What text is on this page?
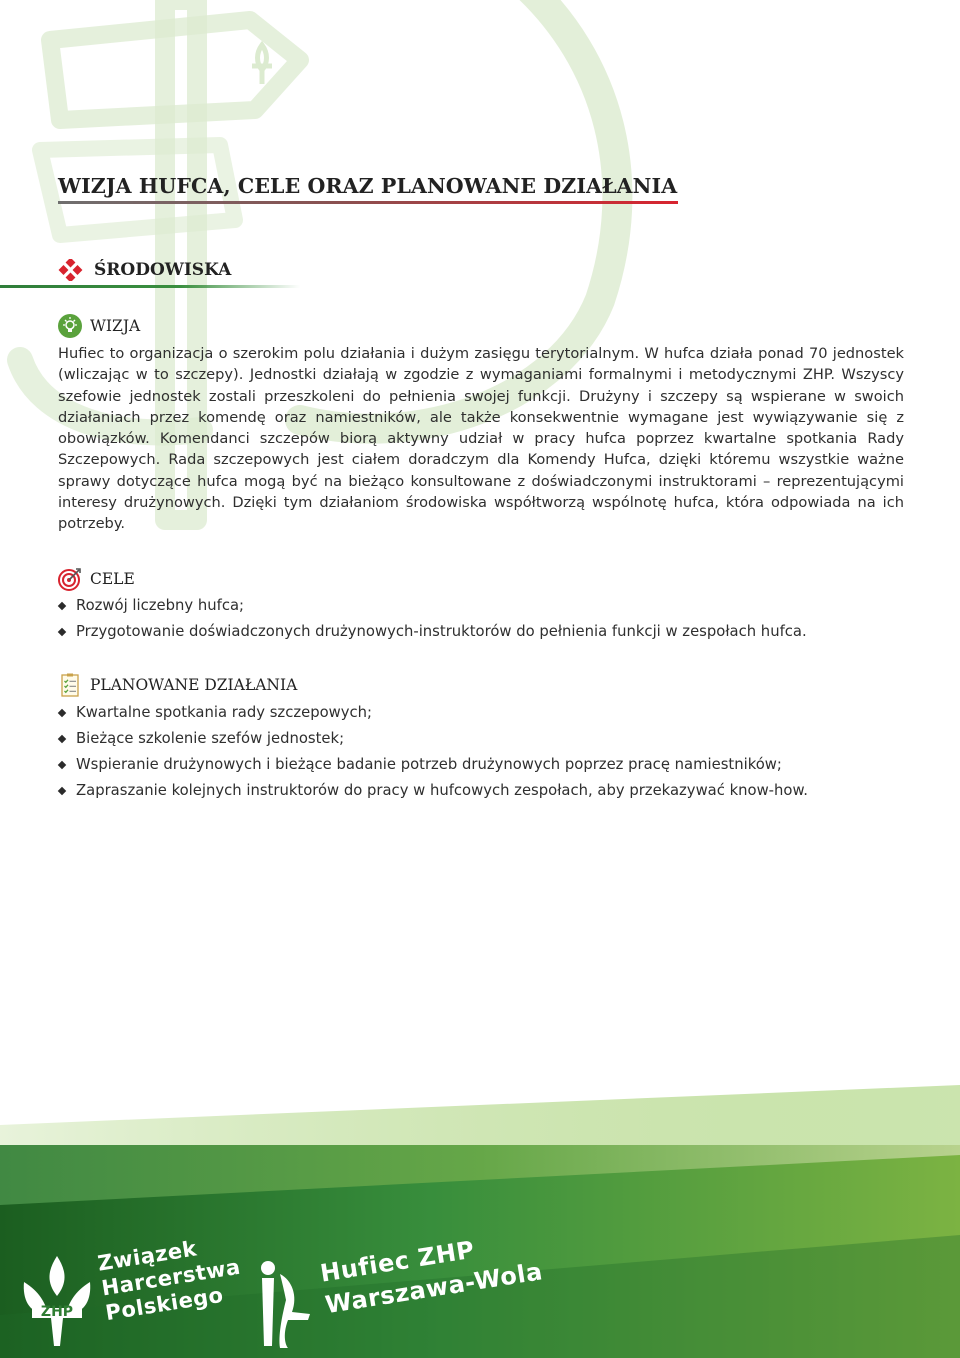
WIZJA HUFCA, CELE ORAZ PLANOWANE DZIAŁANIA
ŚRODOWISKA
WIZJA

Hufiec to organizacja o szerokim polu działania i dużym zasięgu terytorialnym. W hufca działa ponad 70 jednostek (wliczając w to szczepy). Jednostki działają w zgodzie z wymaganiami formalnymi i metodycznymi ZHP. Wszyscy szefowie jednostek zostali przeszkoleni do pełnienia swojej funkcji. Drużyny i szczepy są wspierane w swoich działaniach przez komendę oraz namiestników, ale także konsekwentnie wymagane jest wywiązywanie się z obowiązków. Komendanci szczepów biorą aktywny udział w pracy hufca poprzez kwartalne spotkania Rady Szczepowych. Rada szczepowych jest ciałem doradczym dla Komendy Hufca, dzięki któremu wszystkie ważne sprawy dotyczące hufca mogą być na bieżąco konsultowane z doświadczonymi instruktorami – reprezentującymi interesy drużynowych. Dzięki tym działaniom środowiska współtworzą wspólnotę hufca, która odpowiada na ich potrzeby.

CELE
Rozwój liczebny hufca;
Przygotowanie doświadczonych drużynowych-instruktorów do pełnienia funkcji w zespołach hufca.
PLANOWANE DZIAŁANIA
Kwartalne spotkania rady szczepowych;
Bieżące szkolenie szefów jednostek;
Wspieranie drużynowych i bieżące badanie potrzeb drużynowych poprzez pracę namiestników;
Zapraszanie kolejnych instruktorów do pracy w hufcowych zespołach, aby przekazywać know-how.
ZHP
Związek
Harcerstwa
Polskiego
Hufiec ZHP
Warszawa-Wola
